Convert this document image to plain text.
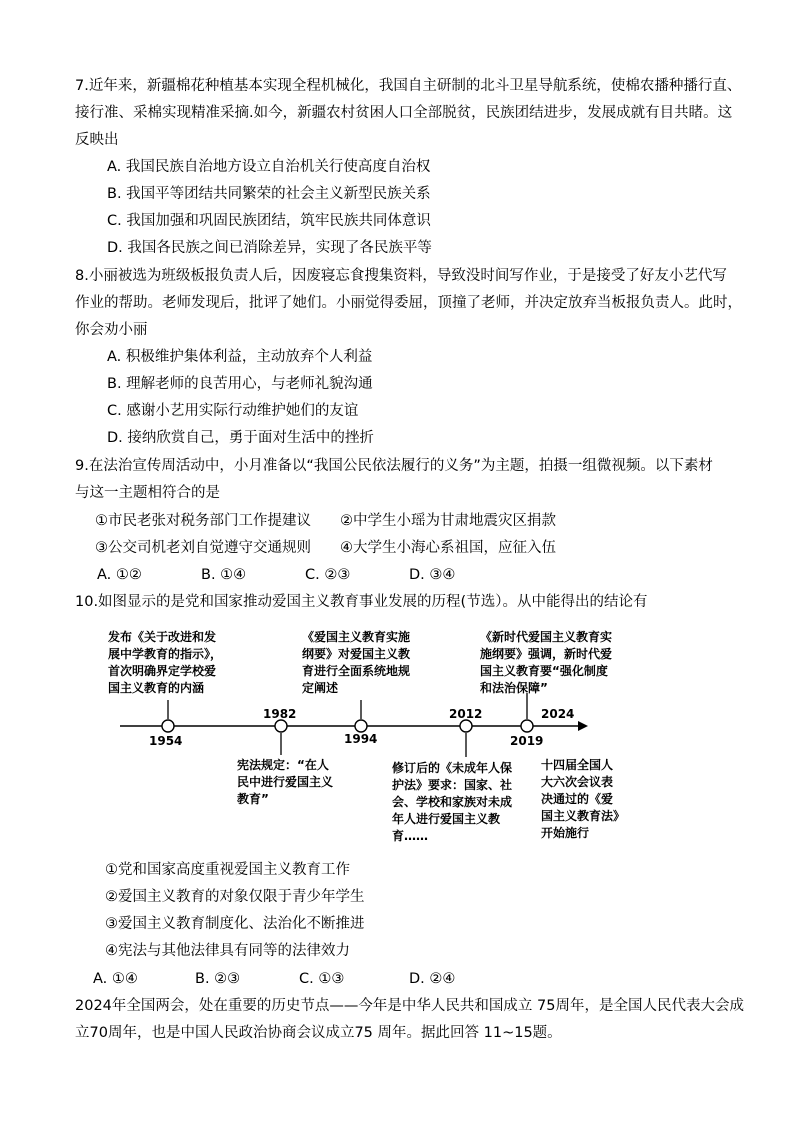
7.近年来，新疆棉花种植基本实现全程机械化，我国自主研制的北斗卫星导航系统，使棉农播种播行直、
接行准、采棉实现精准采摘.如今，新疆农村贫困人口全部脱贫，民族团结进步，发展成就有目共睹。这
反映出
A. 我国民族自治地方设立自治机关行使高度自治权
B. 我国平等团结共同繁荣的社会主义新型民族关系
C. 我国加强和巩固民族团结，筑牢民族共同体意识
D. 我国各民族之间已消除差异，实现了各民族平等
8.小丽被选为班级板报负责人后，因废寝忘食搜集资料，导致没时间写作业，于是接受了好友小艺代写
作业的帮助。老师发现后，批评了她们。小丽觉得委屈，顶撞了老师，并决定放弃当板报负责人。此时，
你会劝小丽
A. 积极维护集体利益，主动放弃个人利益
B. 理解老师的良苦用心，与老师礼貌沟通
C. 感谢小艺用实际行动维护她们的友谊
D. 接纳欣赏自己，勇于面对生活中的挫折
9.在法治宣传周活动中，小月准备以“我国公民依法履行的义务”为主题，拍摄一组微视频。以下素材
与这一主题相符合的是
①市民老张对税务部门工作提建议 ②中学生小瑶为甘肃地震灾区捐款
③公交司机老刘自觉遵守交通规则 ④大学生小海心系祖国，应征入伍
A. ①②	B. ①④	C. ②③	D. ③④
10.如图显示的是党和国家推动爱国主义教育事业发展的历程(节选）。从中能得出的结论有
1954
1982
1994
2012
2019
2024
发布《关于改进和发
展中学教育的指示》，
首次明确界定学校爱
国主义教育的内涵
《爱国主义教育实施
纲要》对爱国主义教
育进行全面系统地规
定阐述
《新时代爱国主义教育实
施纲要》强调，新时代爱
国主义教育要“强化制度
和法治保障”
宪法规定：“在人
民中进行爱国主义
教育”
修订后的《未成年人保
护法》要求：国家、社
会、学校和家族对未成
年人进行爱国主义教
育……
十四届全国人
大六次会议表
决通过的《爱
国主义教育法》
开始施行
①党和国家高度重视爱国主义教育工作
②爱国主义教育的对象仅限于青少年学生
③爱国主义教育制度化、法治化不断推进
④宪法与其他法律具有同等的法律效力
A. ①④	B. ②③	C. ①③	D. ②④
2024年全国两会，处在重要的历史节点——今年是中华人民共和国成立 75周年，是全国人民代表大会成
立70周年，也是中国人民政治协商会议成立75 周年。据此回答 11~15题。
